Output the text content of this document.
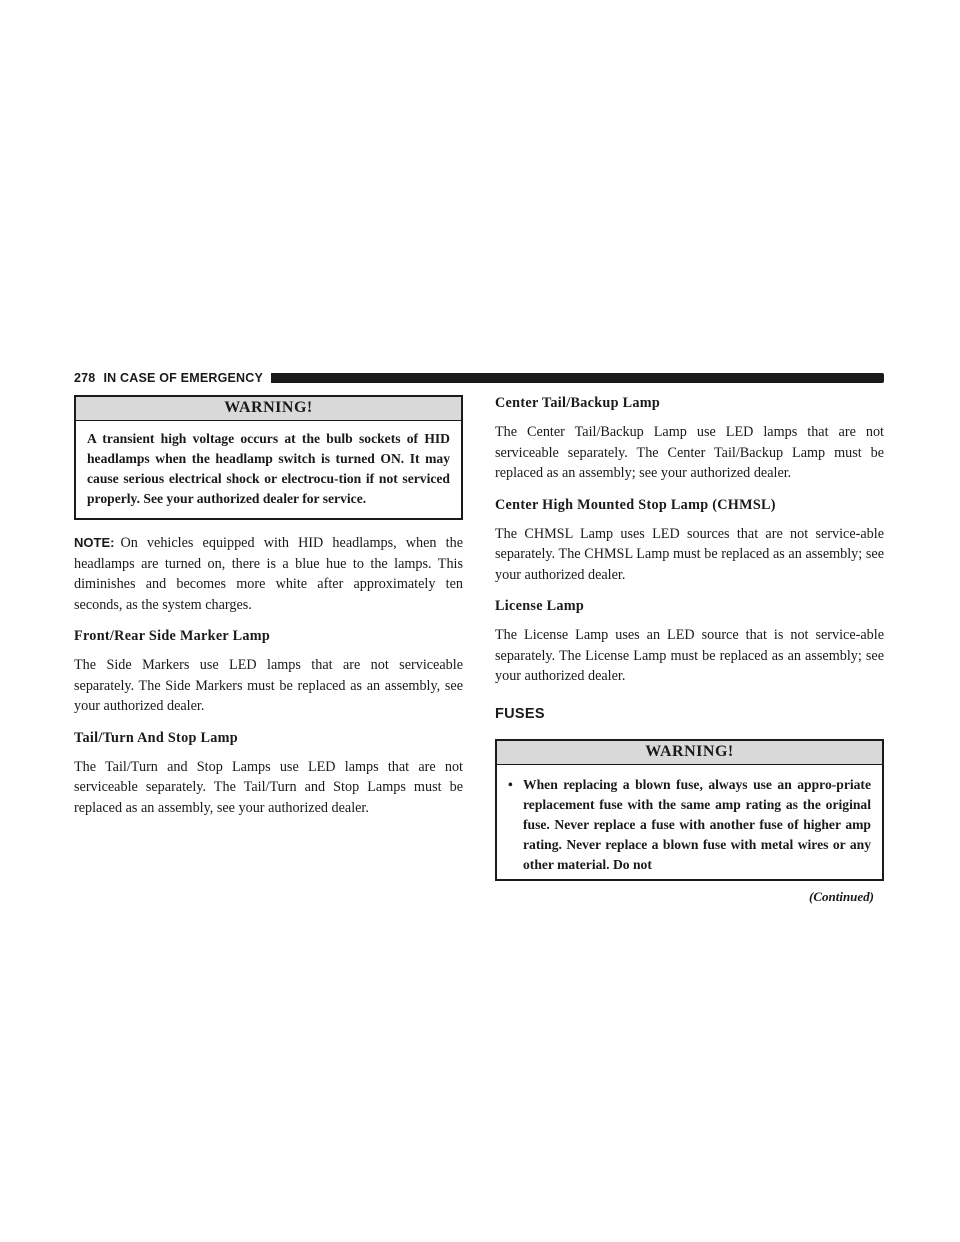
278 IN CASE OF EMERGENCY
WARNING!
A transient high voltage occurs at the bulb sockets of HID headlamps when the headlamp switch is turned ON. It may cause serious electrical shock or electrocu-tion if not serviced properly. See your authorized dealer for service.

NOTE: On vehicles equipped with HID headlamps, when the headlamps are turned on, there is a blue hue to the lamps. This diminishes and becomes more white after approximately ten seconds, as the system charges.

Front/Rear Side Marker Lamp

The Side Markers use LED lamps that are not serviceable separately. The Side Markers must be replaced as an assembly, see your authorized dealer.

Tail/Turn And Stop Lamp

The Tail/Turn and Stop Lamps use LED lamps that are not serviceable separately. The Tail/Turn and Stop Lamps must be replaced as an assembly, see your authorized dealer.

Center Tail/Backup Lamp

The Center Tail/Backup Lamp use LED lamps that are not serviceable separately. The Center Tail/Backup Lamp must be replaced as an assembly; see your authorized dealer.

Center High Mounted Stop Lamp (CHMSL)

The CHMSL Lamp uses LED sources that are not service-able separately. The CHMSL Lamp must be replaced as an assembly; see your authorized dealer.

License Lamp

The License Lamp uses an LED source that is not service-able separately. The License Lamp must be replaced as an assembly; see your authorized dealer.

FUSES
WARNING!
• When replacing a blown fuse, always use an appro-priate replacement fuse with the same amp rating as the original fuse. Never replace a fuse with another fuse of higher amp rating. Never replace a blown fuse with metal wires or any other material. Do not
(Continued)
